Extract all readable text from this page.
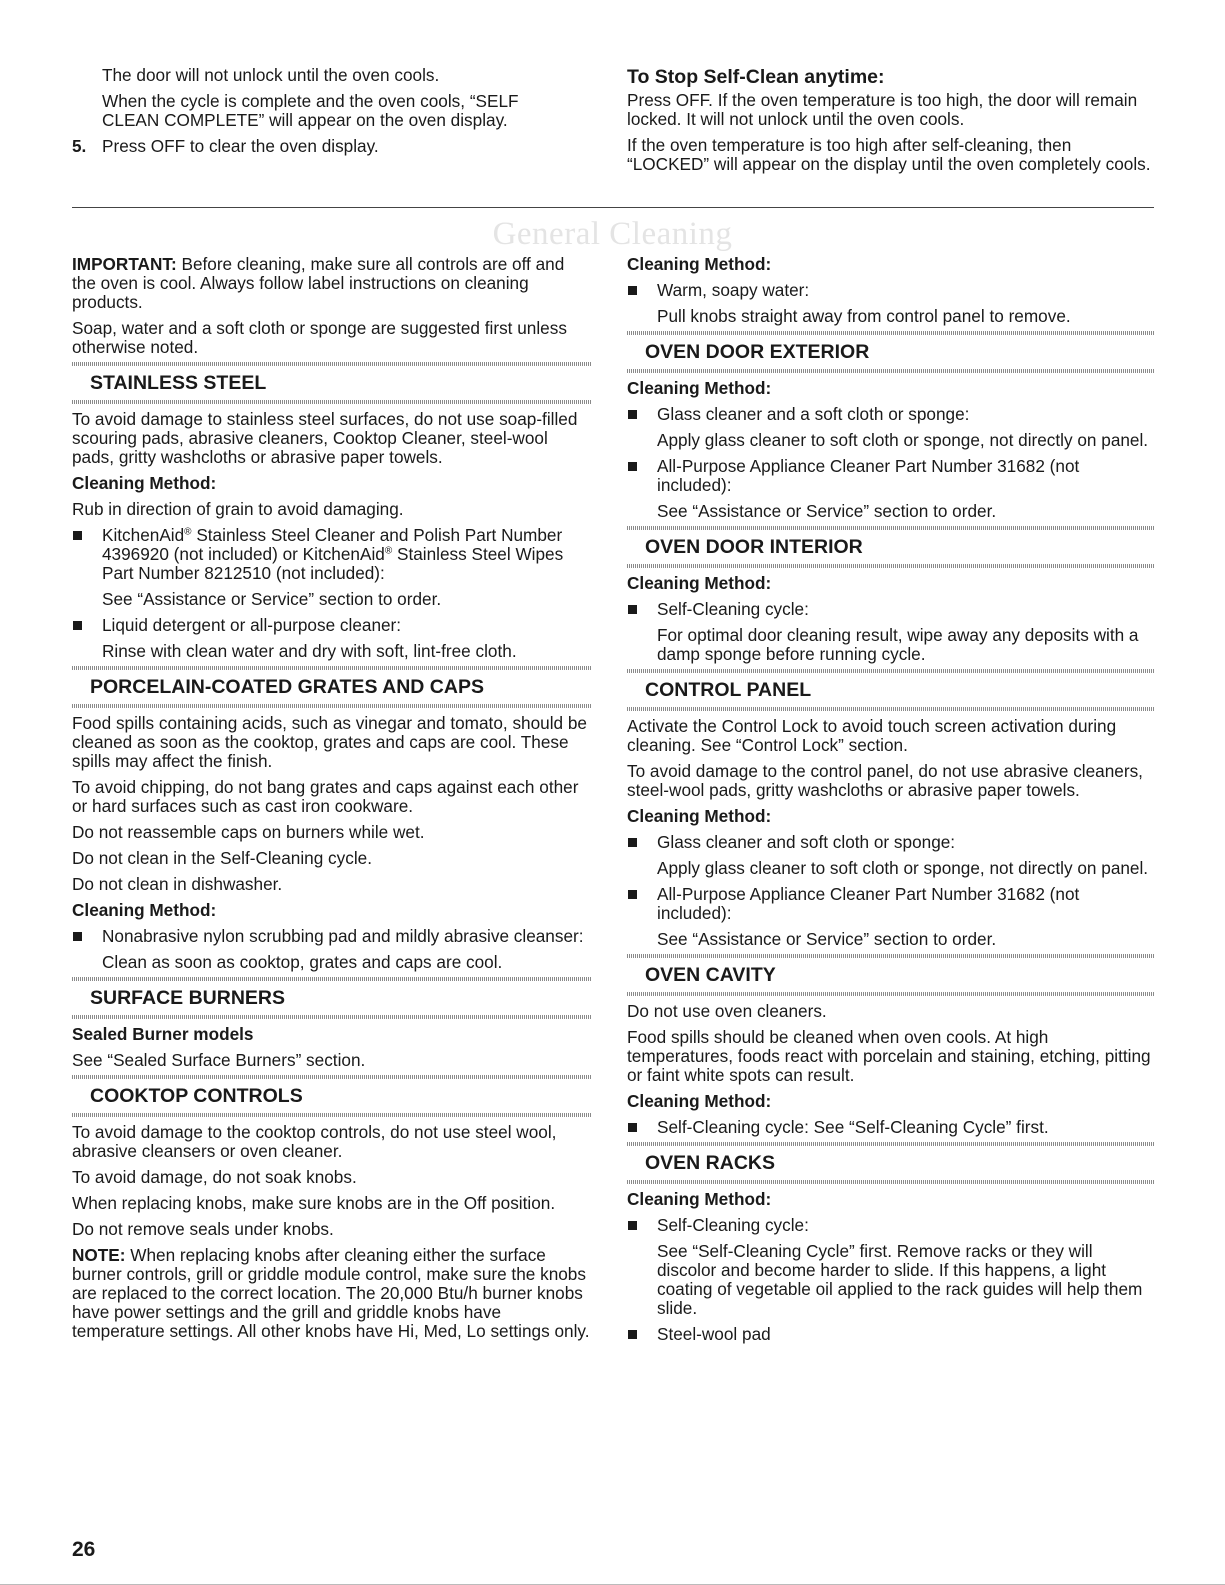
The door will not unlock until the oven cools.

When the cycle is complete and the oven cools, “SELF CLEAN COMPLETE” will appear on the oven display.

5. Press OFF to clear the oven display.
To Stop Self-Clean anytime:

Press OFF. If the oven temperature is too high, the door will remain locked. It will not unlock until the oven cools.

If the oven temperature is too high after self-cleaning, then “LOCKED” will appear on the display until the oven completely cools.

General Cleaning

IMPORTANT: Before cleaning, make sure all controls are off and the oven is cool. Always follow label instructions on cleaning products.

Soap, water and a soft cloth or sponge are suggested first unless otherwise noted.

STAINLESS STEEL

To avoid damage to stainless steel surfaces, do not use soap-filled scouring pads, abrasive cleaners, Cooktop Cleaner, steel-wool pads, gritty washcloths or abrasive paper towels.

Cleaning Method:

Rub in direction of grain to avoid damaging.

KitchenAid® Stainless Steel Cleaner and Polish Part Number 4396920 (not included) or KitchenAid® Stainless Steel Wipes Part Number 8212510 (not included):

See “Assistance or Service” section to order.

Liquid detergent or all-purpose cleaner:

Rinse with clean water and dry with soft, lint-free cloth.

PORCELAIN-COATED GRATES AND CAPS

Food spills containing acids, such as vinegar and tomato, should be cleaned as soon as the cooktop, grates and caps are cool. These spills may affect the finish.

To avoid chipping, do not bang grates and caps against each other or hard surfaces such as cast iron cookware.

Do not reassemble caps on burners while wet.

Do not clean in the Self-Cleaning cycle.

Do not clean in dishwasher.

Cleaning Method:

Nonabrasive nylon scrubbing pad and mildly abrasive cleanser:

Clean as soon as cooktop, grates and caps are cool.

SURFACE BURNERS

Sealed Burner models

See “Sealed Surface Burners” section.

COOKTOP CONTROLS

To avoid damage to the cooktop controls, do not use steel wool, abrasive cleansers or oven cleaner.

To avoid damage, do not soak knobs.

When replacing knobs, make sure knobs are in the Off position.

Do not remove seals under knobs.

NOTE: When replacing knobs after cleaning either the surface burner controls, grill or griddle module control, make sure the knobs are replaced to the correct location. The 20,000 Btu/h burner knobs have power settings and the grill and griddle knobs have temperature settings. All other knobs have Hi, Med, Lo settings only.

Cleaning Method:

Warm, soapy water:

Pull knobs straight away from control panel to remove.

OVEN DOOR EXTERIOR

Cleaning Method:

Glass cleaner and a soft cloth or sponge:

Apply glass cleaner to soft cloth or sponge, not directly on panel.

All-Purpose Appliance Cleaner Part Number 31682 (not included):

See “Assistance or Service” section to order.

OVEN DOOR INTERIOR

Cleaning Method:

Self-Cleaning cycle:

For optimal door cleaning result, wipe away any deposits with a damp sponge before running cycle.

CONTROL PANEL

Activate the Control Lock to avoid touch screen activation during cleaning. See “Control Lock” section.

To avoid damage to the control panel, do not use abrasive cleaners, steel-wool pads, gritty washcloths or abrasive paper towels.

Cleaning Method:

Glass cleaner and soft cloth or sponge:

Apply glass cleaner to soft cloth or sponge, not directly on panel.

All-Purpose Appliance Cleaner Part Number 31682 (not included):

See “Assistance or Service” section to order.

OVEN CAVITY

Do not use oven cleaners.

Food spills should be cleaned when oven cools. At high temperatures, foods react with porcelain and staining, etching, pitting or faint white spots can result.

Cleaning Method:

Self-Cleaning cycle: See “Self-Cleaning Cycle” first.
OVEN RACKS

Cleaning Method:

Self-Cleaning cycle:

See “Self-Cleaning Cycle” first. Remove racks or they will discolor and become harder to slide. If this happens, a light coating of vegetable oil applied to the rack guides will help them slide.

Steel-wool pad
26
